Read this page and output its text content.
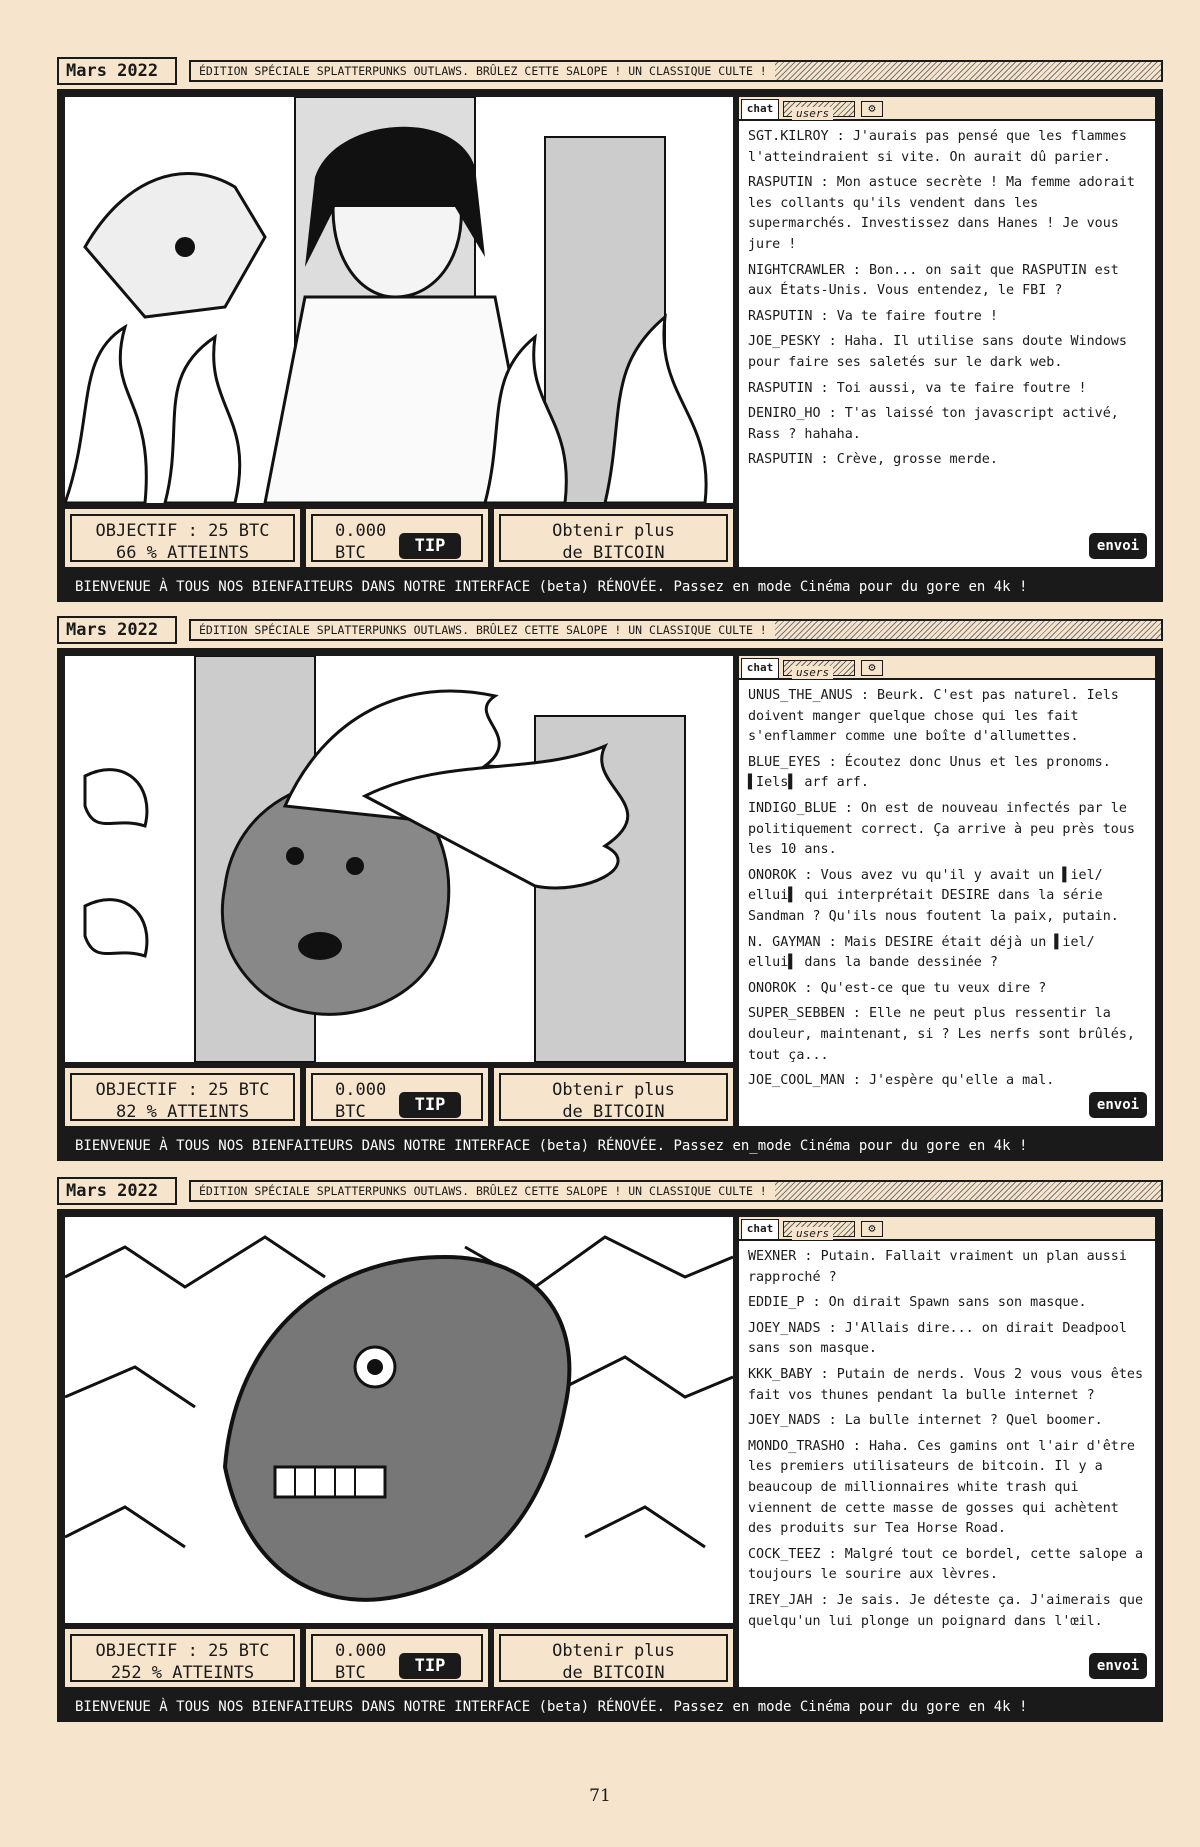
ÉDITION SPÉCIALE SPLATTERPUNKS OUTLAWS. BRÛLEZ CETTE SALOPE ! UN CLASSIQUE CULTE !
Mars 2022
chat	users	⚙
SGT.KILROY : J'aurais pas pensé que les flammes l'atteindraient si vite. On aurait dû parier.
RASPUTIN : Mon astuce secrète ! Ma femme adorait les collants qu'ils vendent dans les supermarchés. Investissez dans Hanes ! Je vous jure !
NIGHTCRAWLER : Bon... on sait que RASPUTIN est aux États-Unis. Vous entendez, le FBI ?
RASPUTIN : Va te faire foutre !
JOE_PESKY : Haha. Il utilise sans doute Windows pour faire ses saletés sur le dark web.
RASPUTIN : Toi aussi, va te faire foutre !
DENIRO_HO : T'as laissé ton javascript activé, Rass ? hahaha.
RASPUTIN : Crève, grosse merde.
envoi
OBJECTIF : 25 BTC
66 % ATTEINTS
0.000
BTC	TIP
Obtenir plus
de BITCOIN
BIENVENUE À TOUS NOS BIENFAITEURS DANS NOTRE INTERFACE (beta) RÉNOVÉE. Passez en mode Cinéma pour du gore en 4k !
ÉDITION SPÉCIALE SPLATTERPUNKS OUTLAWS. BRÛLEZ CETTE SALOPE ! UN CLASSIQUE CULTE !
Mars 2022
chat	users	⚙
UNUS_THE_ANUS : Beurk. C'est pas naturel. Iels doivent manger quelque chose qui les fait s'enflammer comme une boîte d'allumettes.
BLUE_EYES : Écoutez donc Unus et les pronoms. ▌Iels▌ arf arf.
INDIGO_BLUE : On est de nouveau infectés par le politiquement correct. Ça arrive à peu près tous les 10 ans.
ONOROK : Vous avez vu qu'il y avait un ▌iel/ ellui▌ qui interprétait DESIRE dans la série Sandman ? Qu'ils nous foutent la paix, putain.
N. GAYMAN : Mais DESIRE était déjà un ▌iel/ ellui▌ dans la bande dessinée ?
ONOROK : Qu'est-ce que tu veux dire ?
SUPER_SEBBEN : Elle ne peut plus ressentir la douleur, maintenant, si ? Les nerfs sont brûlés, tout ça...
JOE_COOL_MAN : J'espère qu'elle a mal.
envoi
OBJECTIF : 25 BTC
82 % ATTEINTS
0.000
BTC	TIP
Obtenir plus
de BITCOIN
BIENVENUE À TOUS NOS BIENFAITEURS DANS NOTRE INTERFACE (beta) RÉNOVÉE. Passez en_mode Cinéma pour du gore en 4k !
ÉDITION SPÉCIALE SPLATTERPUNKS OUTLAWS. BRÛLEZ CETTE SALOPE ! UN CLASSIQUE CULTE !
Mars 2022
chat	users	⚙
WEXNER : Putain. Fallait vraiment un plan aussi rapproché ?
EDDIE_P : On dirait Spawn sans son masque.
JOEY_NADS : J'Allais dire... on dirait Deadpool sans son masque.
KKK_BABY : Putain de nerds. Vous 2 vous vous êtes fait vos thunes pendant la bulle internet ?
JOEY_NADS : La bulle internet ? Quel boomer.
MONDO_TRASHO : Haha. Ces gamins ont l'air d'être les premiers utilisateurs de bitcoin. Il y a beaucoup de millionnaires white trash qui viennent de cette masse de gosses qui achètent des produits sur Tea Horse Road.
COCK_TEEZ : Malgré tout ce bordel, cette salope a toujours le sourire aux lèvres.
IREY_JAH : Je sais. Je déteste ça. J'aimerais que quelqu'un lui plonge un poignard dans l'œil.
envoi
OBJECTIF : 25 BTC
252 % ATTEINTS
0.000
BTC	TIP
Obtenir plus
de BITCOIN
BIENVENUE À TOUS NOS BIENFAITEURS DANS NOTRE INTERFACE (beta) RÉNOVÉE. Passez en mode Cinéma pour du gore en 4k !
71
